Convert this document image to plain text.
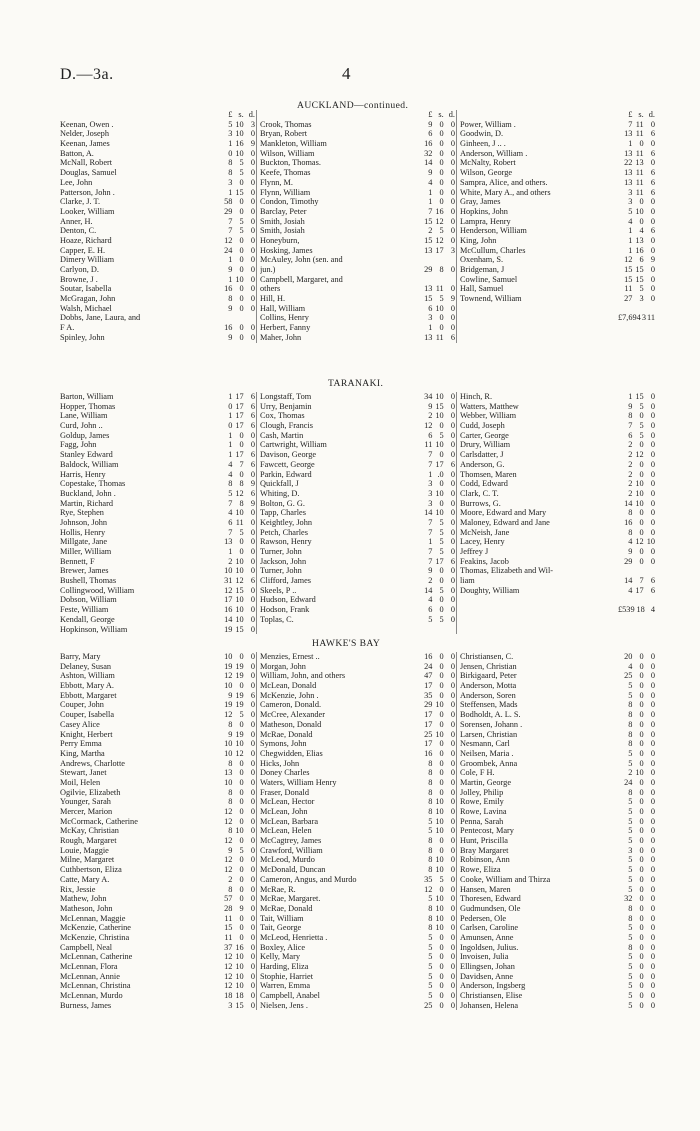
D.—3a.	4
AUCKLAND—continued.
£ s. d.
Keenan, Owen .	5 10 3
Nelder, Joseph	3 10 0
Keenan, James	1 16 9
Batton, A.	0 10 0
McNall, Robert	8 5 0
Douglas, Samuel	8 5 0
Lee, John	3 0 0
Patterson, John .	1 15 0
Clarke, J. T.	58 0 0
Looker, William	29 0 0
Anner, H.	7 5 0
Denton, C.	7 5 0
Hoaze, Richard	12 0 0
Capper, E. H.	24 0 0
Dimery William	1 0 0
Carlyon, D.	9 0 0
Browne, J .	1 10 0
Soutar, Isabella	16 0 0
McGragan, John	8 0 0
Walsh, Michael	9 0 0
Dobbs, Jane, Laura, and
F A.	16 0 0
Spinley, John	9 0 0
£ s. d.
Crook, Thomas	9 0 0
Bryan, Robert	6 0 0
Mankleton, William	16 0 0
Wilson, William	32 0 0
Buckton, Thomas.	14 0 0
Keefe, Thomas	9 0 0
Flynn, M.	4 0 0
Flynn, William	1 0 0
Condon, Timothy	1 0 0
Barclay, Peter	7 16 0
Smith, Josiah	15 12 0
Smith, Josiah	2 5 0
Honeyburn,	15 12 0
Hosking, James	13 17 3
McAuley, John (sen. and
jun.)	29 8 0
Campbell, Margaret, and
others	13 11 0
Hill, H.	15 5 9
Hall, William	6 10 0
Collins, Henry	3 0 0
Herbert, Fanny	1 0 0
Maher, John	13 11 6
£ s. d.
Power, William .	7 11 0
Goodwin, D.	13 11 6
Ginheen, J .. .	1 0 0
Anderson, William .	13 11 6
McNalty, Robert	22 13 0
Wilson, George	13 11 6
Sampra, Alice, and others.	13 11 6
White, Mary A., and others	3 11 6
Gray, James	3 0 0
Hopkins, John	5 10 0
Lampra, Henry	4 0 0
Henderson, William	1 4 6
King, John	1 13 0
McCullum, Charles	1 16 0
Oxenham, S.	12 6 9
Bridgeman, J	15 15 0
Cowline, Samuel	15 15 0
Hall, Samuel	11 5 0
Townend, William	27 3 0
£7,694 3 11
TARANAKI.
Barton, William	1 17 6
Hopper, Thomas	0 17 6
Lane, William	1 17 6
Curd, John ..	0 17 6
Goldup, James	1 0 0
Fagg, John	1 0 0
Stanley Edward	1 17 6
Baldock, William	4 7 6
Harris, Henry	4 0 0
Copestake, Thomas	8 8 9
Buckland, John .	5 12 6
Martin, Richard	7 8 9
Rye, Stephen	4 10 0
Johnson, John	6 11 0
Hollis, Henry	7 5 0
Millgate, Jane	13 0 0
Miller, William	1 0 0
Bennett, F	2 10 0
Brewer, James	10 10 0
Bushell, Thomas	31 12 6
Collingwood, William	12 15 0
Dobson, William	17 10 0
Feste, William	16 10 0
Kendall, George	14 10 0
Hopkinson, William	19 15 0
Longstaff, Tom	34 10 0
Urry, Benjamin	9 15 0
Cox, Thomas	2 10 0
Clough, Francis	12 0 0
Cash, Martin	6 5 0
Cartwright, William	11 10 0
Davison, George	7 0 0
Fawcett, George	7 17 6
Parkin, Edward	1 .0 0
Quickfall, J	3 0 0
Whiting, D.	3 10 0
Bolton, G. G.	3 0 0
Tapp, Charles	14 10 0
Keightley, John	7 5 0
Petch, Charles	7 5 0
Rawson, Henry	1 5 0
Turner, John	7 5 0
Jackson, John	7 17 6
Turner, John	9 0 0
Clifford, James	2 0 0
Skeels, P ..	14 5 0
Hudson, Edward	4 0 0
Hodson, Frank	6 0 0
Toplas, C.	5 5 0
Hinch, R.	1 15 0
Watters, Matthew	9 5 0
Webber, William	8 0 0
Cudd, Joseph	7 5 0
Carter, George	6 5 0
Drury, William	2 0 0
Carlsdatter, J	2 12 0
Anderson, G.	2 0 0
Thomsen, Maren	2 0 0
Codd, Edward	2 10 0
Clark, C. T.	2 10 0
Burrows, G.	14 10 0
Moore, Edward and Mary	8 0 0
Maloney, Edward and Jane	16 0 0
McNeish, Jane	8 0 0
Lacey, Henry	4 12 10
Jeffrey J	9 0 0
Feakins, Jacob	29 0 0
Thomas, Elizabeth and Wil-
liam	14 7 6
Doughty, William	4 17 6
£539 18 4
HAWKE'S BAY
Barry, Mary	10 0 0
Delaney, Susan	19 19 0
Ashton, William	12 19 0
Ebbott, Mary A.	10 0 0
Ebbott, Margaret	9 19 6
Couper, John	19 19 0
Couper, Isabella	12 5 0
Casey Alice	8 0 0
Knight, Herbert	9 19 0
Perry Emma	10 10 0
King, Martha	10 12 0
Andrews, Charlotte	8 0 0
Stewart, Janet	13 0 0
Moil, Helen	10 0 0
Ogilvie, Elizabeth	8 0 0
Younger, Sarah	8 0 0
Mercer, Marion	12 0 0
McCormack, Catherine	12 0 0
McKay, Christian	8 10 0
Rough, Margaret	12 0 0
Louie, Maggie	9 5 0
Milne, Margaret	12 0 0
Cuthbertson, Eliza	12 0 0
Catte, Mary A.	2 0 0
Rix, Jessie	8 0 0
Mathew, John	57 0 0
Matheson, John	28 9 0
McLennan, Maggie	11 0 0
McKenzie, Catherine	15 0 0
McKenzie, Christina	11 0 0
Campbell, Neal	37 16 0
McLennan, Catherine	12 10 0
McLennan, Flora	12 10 0
McLennan, Annie	12 10 0
McLennan, Christina	12 10 0
McLennan, Murdo	18 18 0
Burness, James	3 15 0
Menzies, Ernest ..	16 0 0
Morgan, John	24 0 0
William, John, and others	47 0 0
McLean, Donald	17 0 0
McKenzie, John .	35 0 0
Cameron, Donald.	29 10 0
McCree, Alexander	17 0 0
Matheson, Donald	17 0 0
McRae, Donald	25 10 0
Symons, John	17 0 0
Chegwidden, Elias	16 0 0
Hicks, John	8 0 0
Doney Charles	8 0 0
Waters, William Henry	8 0 0
Fraser, Donald	8 0 0
McLean, Hector	8 10 0
McLean, John	8 10 0
McLean, Barbara	5 10 0
McLean, Helen	5 10 0
McCagtrey, James	8 0 0
Crawford, William	8 0 0
McLeod, Murdo	8 10 0
McDonald, Duncan	8 10 0
Cameron, Angus, and Murdo	35 5 0
McRae, R.	12 0 0
McRae, Margaret.	5 10 0
McRae, Donald	8 10 0
Tait, William	8 10 0
Tait, George	8 10 0
McLeod, Henrietta .	5 0 0
Boxley, Alice	5 0 0
Kelly, Mary	5 0 0
Harding, Eliza	5 0 0
Stophie, Harriet	5 0 0
Warren, Emma	5 0 0
Campbell, Anabel	5 0 0
Nielsen, Jens .	25 0 0
Christiansen, C.	20 0 0
Jensen, Christian	4 0 0
Birkigaard, Peter	25 0 0
Anderson, Motta	5 0 0
Anderson, Soren	5 0 0
Steffensen, Mads	8 0 0
Bodholdt, A. L. S.	8 0 0
Sorensen, Johann .	8 0 0
Larsen, Christian	8 0 0
Nesmann, Carl	8 0 0
Neilsen, Maria .	5 0 0
Groombek, Anna	5 0 0
Cole, F H.	2 10 0
Martin, George	24 0 0
Jolley, Philip	8 0 0
Rowe, Emily	5 0 0
Rowe, Lavina	5 0 0
Penna, Sarah	5 0 0
Pentecost, Mary	5 0 0
Hunt, Priscilla	5 0 0
Bray Margaret	3 0 0
Robinson, Ann	5 0 0
Rowe, Eliza	5 0 0
Cooke, William and Thirza	5 0 0
Hansen, Maren	5 0 0
Thoresen, Edward	32 0 0
Gudmundsen, Ole	8 0 0
Pedersen, Ole	8 0 0
Carlsen, Caroline	5 0 0
Amunsen, Anne	5 0 0
Ingoldsen, Julius.	8 0 0
Invoisen, Julia	5 0 0
Ellingsen, Johan	5 0 0
Davidsen, Anne	5 0 0
Anderson, Ingsberg	5 0 0
Christiansen, Elise	5 0 0
Johansen, Helena	5 0 0
